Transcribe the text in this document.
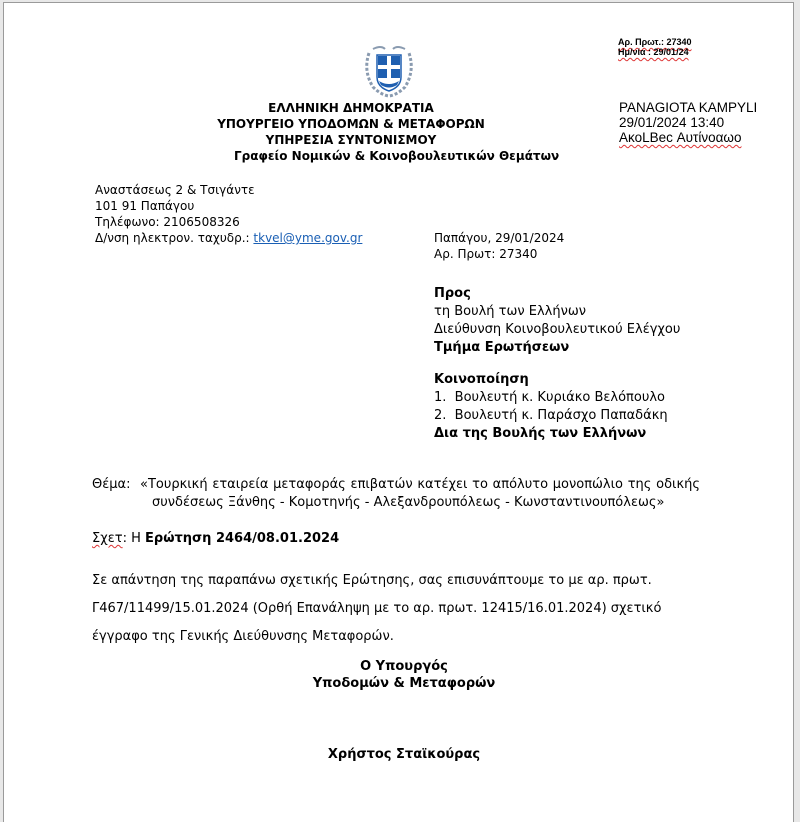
Αρ. Πρωτ.: 27340
Ημ/νία : 29/01/24
PANAGIOTA KAMPYLI
29/01/2024 13:40
ΑκοLBec Αυτίνoαωo
ΕΛΛΗΝΙΚΗ ΔΗΜΟΚΡΑΤΙΑ
ΥΠΟΥΡΓΕΙΟ ΥΠΟΔΟΜΩΝ & ΜΕΤΑΦΟΡΩΝ
ΥΠΗΡΕΣΙΑ ΣΥΝΤΟΝΙΣΜΟΥ
Γραφείο Νομικών & Κοινοβουλευτικών Θεμάτων
Αναστάσεως 2 & Τσιγάντε
101 91 Παπάγου
Τηλέφωνο: 2106508326
Δ/νση ηλεκτρον. ταχυδρ.: tkvel@yme.gov.gr	Παπάγου, 29/01/2024
Αρ. Πρωτ: 27340
Προς
τη Βουλή των Ελλήνων
Διεύθυνση Κοινοβουλευτικού Ελέγχου
Τμήμα Ερωτήσεων
Κοινοποίηση
1.  Βουλευτή κ. Κυριάκο Βελόπουλο
2.  Βουλευτή κ. Παράσχο Παπαδάκη
Δια της Βουλής των Ελλήνων
Θέμα: «Τουρκική εταιρεία μεταφοράς επιβατών κατέχει το απόλυτο μονοπώλιο της οδικής
συνδέσεως Ξάνθης - Κομοτηνής - Αλεξανδρουπόλεως - Κωνσταντινουπόλεως»
Σχετ: Η Ερώτηση 2464/08.01.2024
Σε απάντηση της παραπάνω σχετικής Ερώτησης, σας επισυνάπτουμε το με αρ. πρωτ.
Γ467/11499/15.01.2024 (Ορθή Επανάληψη με το αρ. πρωτ. 12415/16.01.2024) σχετικό
έγγραφο της Γενικής Διεύθυνσης Μεταφορών.
Ο Υπουργός
Υποδομών & Μεταφορών
Χρήστος Σταϊκούρας
